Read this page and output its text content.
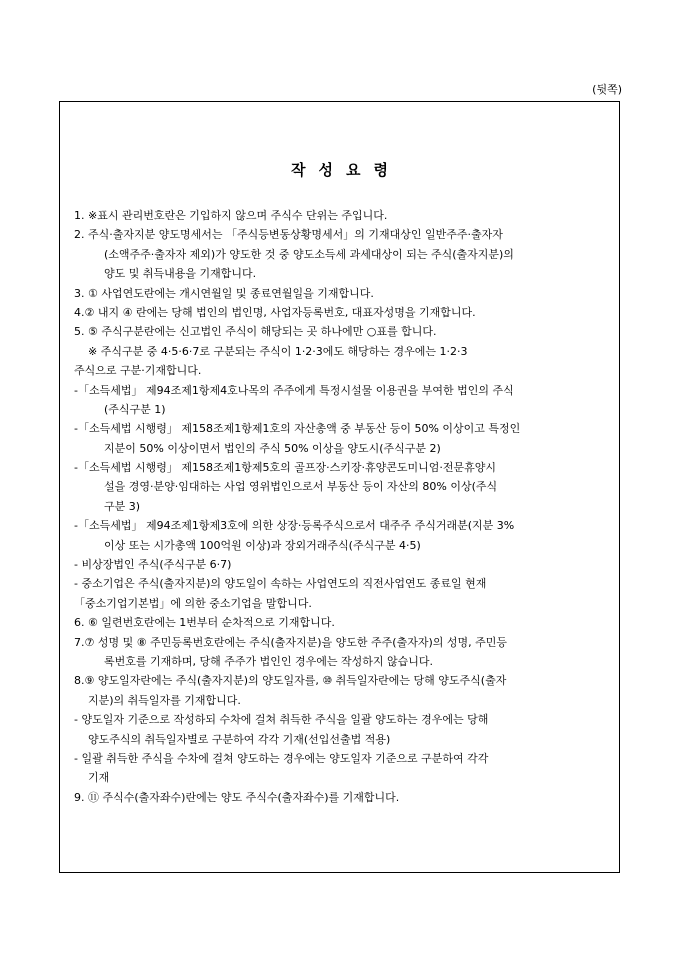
(뒷쪽)
작성요령
1. ※표시 관리번호란은 기입하지 않으며 주식수 단위는 주입니다.
2. 주식·출자지분 양도명세서는 「주식등변동상황명세서」의 기재대상인 일반주주·출자자
(소액주주·출자자 제외)가 양도한 것 중 양도소득세 과세대상이 되는 주식(출자지분)의
양도 및 취득내용을 기재합니다.
3. ① 사업연도란에는 개시연월일 및 종료연월일을 기재합니다.
4.② 내지 ④ 란에는 당해 법인의 법인명, 사업자등록번호, 대표자성명을 기재합니다.
5. ⑤ 주식구분란에는 신고법인 주식이 해당되는 곳 하나에만 ○표를 합니다.
※ 주식구분 중 4·5·6·7로 구분되는 주식이 1·2·3에도 해당하는 경우에는 1·2·3
주식으로 구분·기재합니다.
-「소득세법」 제94조제1항제4호나목의 주주에게 특정시설물 이용권을 부여한 법인의 주식
(주식구분 1)
-「소득세법 시행령」 제158조제1항제1호의 자산총액 중 부동산 등이 50% 이상이고 특정인
지분이 50% 이상이면서 법인의 주식 50% 이상을 양도시(주식구분 2)
-「소득세법 시행령」 제158조제1항제5호의 골프장·스키장·휴양콘도미니엄·전문휴양시
설을 경영·분양·임대하는 사업 영위법인으로서 부동산 등이 자산의 80% 이상(주식
구분 3)
-「소득세법」 제94조제1항제3호에 의한 상장·등록주식으로서 대주주 주식거래분(지분 3%
이상 또는 시가총액 100억원 이상)과 장외거래주식(주식구분 4·5)
- 비상장법인 주식(주식구분 6·7)
- 중소기업은 주식(출자지분)의 양도일이 속하는 사업연도의 직전사업연도 종료일 현재
「중소기업기본법」에 의한 중소기업을 말합니다.
6. ⑥ 일련번호란에는 1번부터 순차적으로 기재합니다.
7.⑦ 성명 및 ⑧ 주민등록번호란에는 주식(출자지분)을 양도한 주주(출자자)의 성명, 주민등
록번호를 기재하며, 당해 주주가 법인인 경우에는 작성하지 않습니다.
8.⑨ 양도일자란에는 주식(출자지분)의 양도일자를, ⑩ 취득일자란에는 당해 양도주식(출자
지분)의 취득일자를 기재합니다.
- 양도일자 기준으로 작성하되 수차에 걸쳐 취득한 주식을 일괄 양도하는 경우에는 당해
양도주식의 취득일자별로 구분하여 각각 기재(선입선출법 적용)
- 일괄 취득한 주식을 수차에 걸쳐 양도하는 경우에는 양도일자 기준으로 구분하여 각각
기재
9. ⑪ 주식수(출자좌수)란에는 양도 주식수(출자좌수)를 기재합니다.
